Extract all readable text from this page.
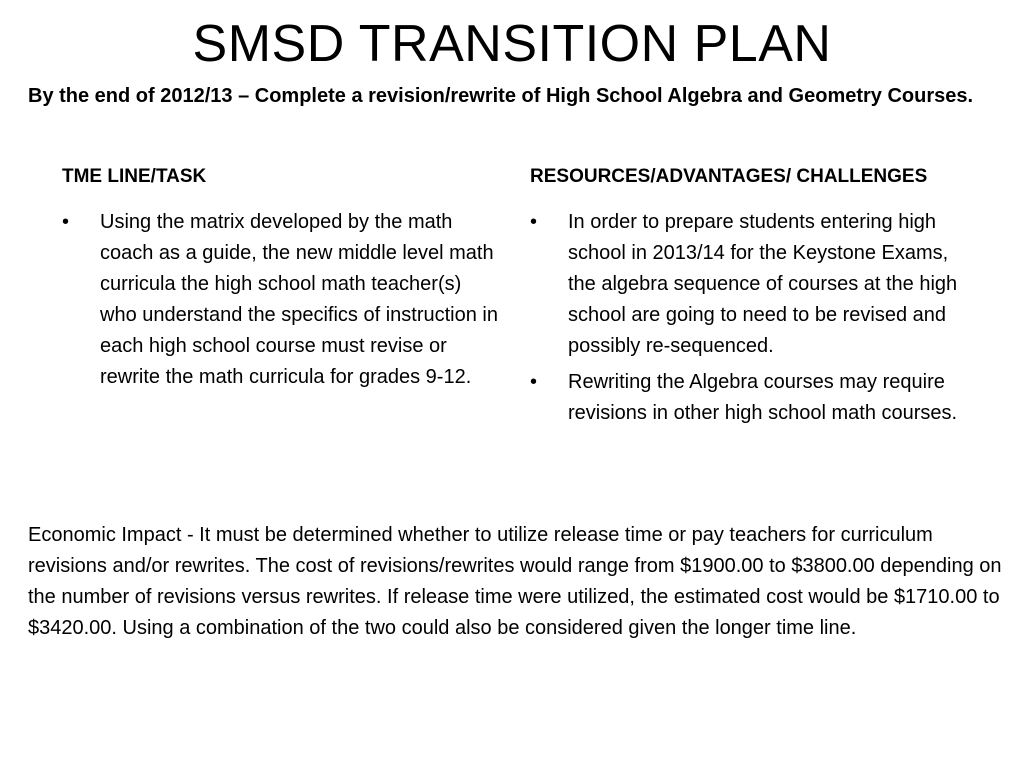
SMSD TRANSITION PLAN
By the end of 2012/13 – Complete a revision/rewrite of High School Algebra and Geometry Courses.
TME LINE/TASK	RESOURCES/ADVANTAGES/ CHALLENGES
•	Using the matrix developed by the math coach as a guide, the new middle level math curricula the high school math teacher(s) who understand the specifics of instruction in each high school course must revise or rewrite the math curricula for grades 9-12.
•	In order to prepare students entering high school in 2013/14 for the Keystone Exams, the algebra sequence of courses at the high school are going to need to be revised and possibly re-sequenced.
•	Rewriting the Algebra courses may require revisions in other high school math courses.
Economic Impact - It must be determined whether to utilize release time or pay teachers for curriculum revisions and/or rewrites. The cost of revisions/rewrites would range from $1900.00 to $3800.00 depending on the number of revisions versus rewrites. If release time were utilized, the estimated cost would be $1710.00 to $3420.00. Using a combination of the two could also be considered given the longer time line.
